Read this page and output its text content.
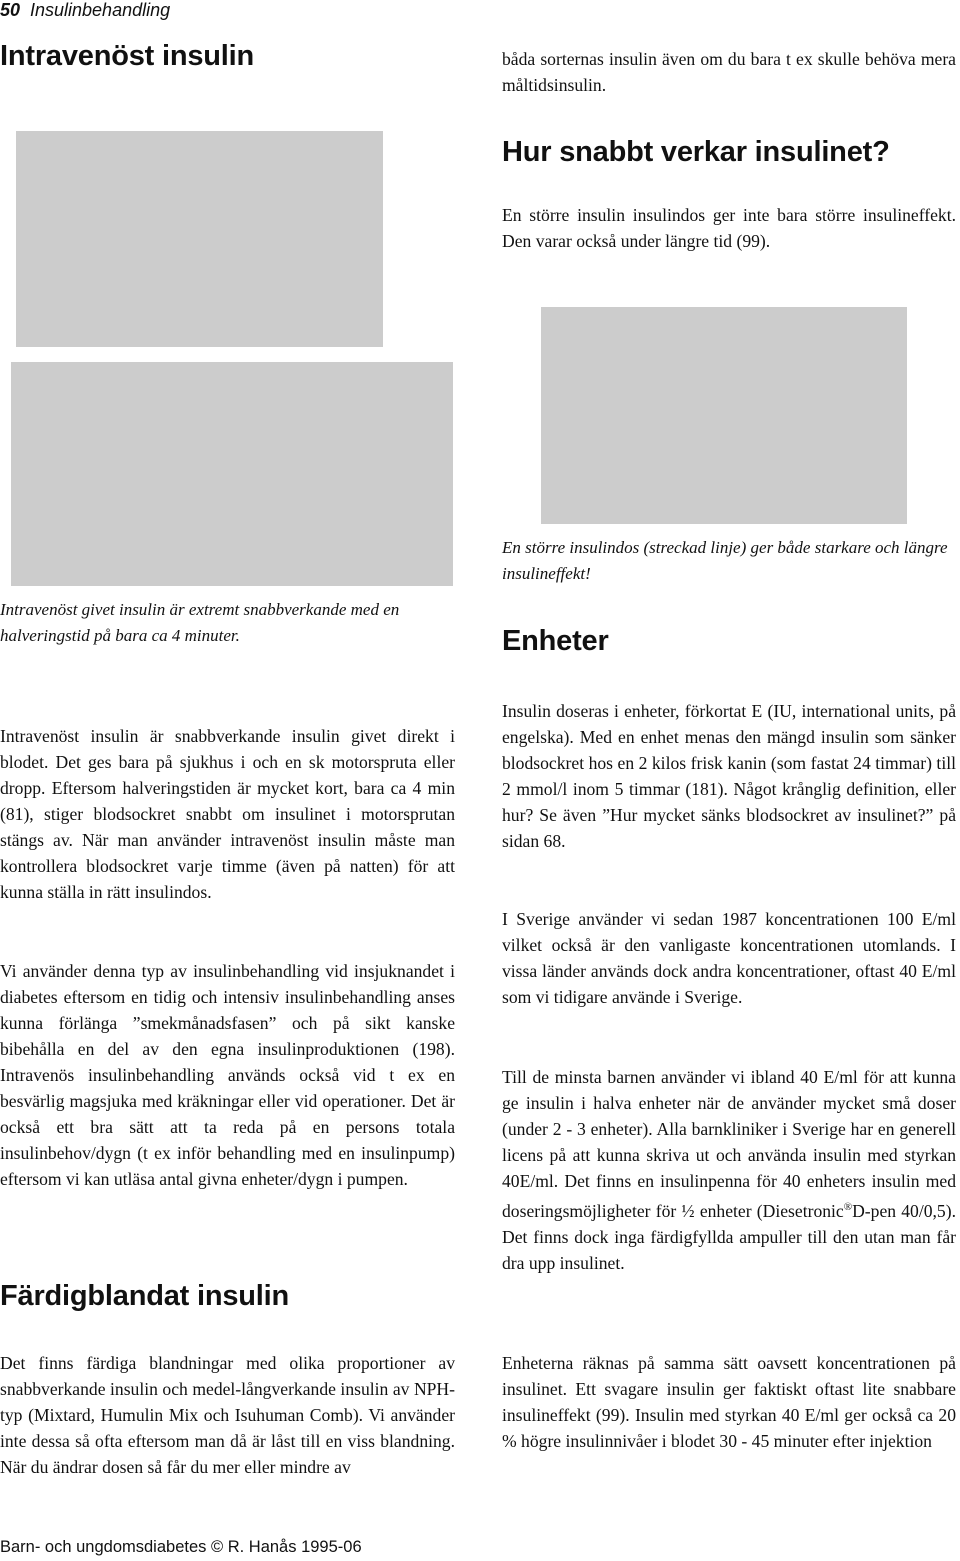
50 Insulinbehandling
Intravenöst insulin

Intravenöst givet insulin är extremt snabbverkande med en halveringstid på bara ca 4 minuter.

Intravenöst insulin är snabbverkande insulin givet direkt i blodet. Det ges bara på sjukhus i och en sk motorspruta eller dropp. Eftersom halveringstiden är mycket kort, bara ca 4 min (81), stiger blodsockret snabbt om insulinet i motorsprutan stängs av. När man använder intravenöst insulin måste man kontrollera blodsockret varje timme (även på natten) för att kunna ställa in rätt insulindos.

Vi använder denna typ av insulinbehandling vid insjuknandet i diabetes eftersom en tidig och intensiv insulinbehandling anses kunna förlänga ”smekmånadsfasen” och på sikt kanske bibehålla en del av den egna insulinproduktionen (198). Intravenös insulinbehandling används också vid t ex en besvärlig magsjuka med kräkningar eller vid operationer. Det är också ett bra sätt att ta reda på en persons totala insulinbehov/dygn (t ex inför behandling med en insulinpump) eftersom vi kan utläsa antal givna enheter/dygn i pumpen.

Färdigblandat insulin

Det finns färdiga blandningar med olika proportioner av snabbverkande insulin och medel-långverkande insulin av NPH-typ (Mixtard, Humulin Mix och Isuhuman Comb). Vi använder inte dessa så ofta eftersom man då är låst till en viss blandning. När du ändrar dosen så får du mer eller mindre av

båda sorternas insulin även om du bara t ex skulle behöva mera måltidsinsulin.

Hur snabbt verkar insulinet?

En större insulin insulindos ger inte bara större insulineffekt. Den varar också under längre tid (99).

En större insulindos (streckad linje) ger både starkare och längre insulineffekt!

Enheter

Insulin doseras i enheter, förkortat E (IU, international units, på engelska). Med en enhet menas den mängd insulin som sänker blodsockret hos en 2 kilos frisk kanin (som fastat 24 timmar) till 2 mmol/l inom 5 timmar (181). Något krånglig definition, eller hur? Se även ”Hur mycket sänks blodsockret av insulinet?” på sidan 68.

I Sverige använder vi sedan 1987 koncentrationen 100 E/ml vilket också är den vanligaste koncentrationen utomlands. I vissa länder används dock andra koncentrationer, oftast 40 E/ml som vi tidigare använde i Sverige.

Till de minsta barnen använder vi ibland 40 E/ml för att kunna ge insulin i halva enheter när de använder mycket små doser (under 2 - 3 enheter). Alla barnkliniker i Sverige har en generell licens på att kunna skriva ut och använda insulin med styrkan 40E/ml. Det finns en insulinpenna för 40 enheters insulin med doseringsmöjligheter för ½ enheter (Diesetronic®D-pen 40/0,5). Det finns dock inga färdigfyllda ampuller till den utan man får dra upp insulinet.

Enheterna räknas på samma sätt oavsett koncentrationen på insulinet. Ett svagare insulin ger faktiskt oftast lite snabbare insulineffekt (99). Insulin med styrkan 40 E/ml ger också ca 20 % högre insulinnivåer i blodet 30 - 45 minuter efter injektion

Barn- och ungdomsdiabetes © R. Hanås 1995-06
